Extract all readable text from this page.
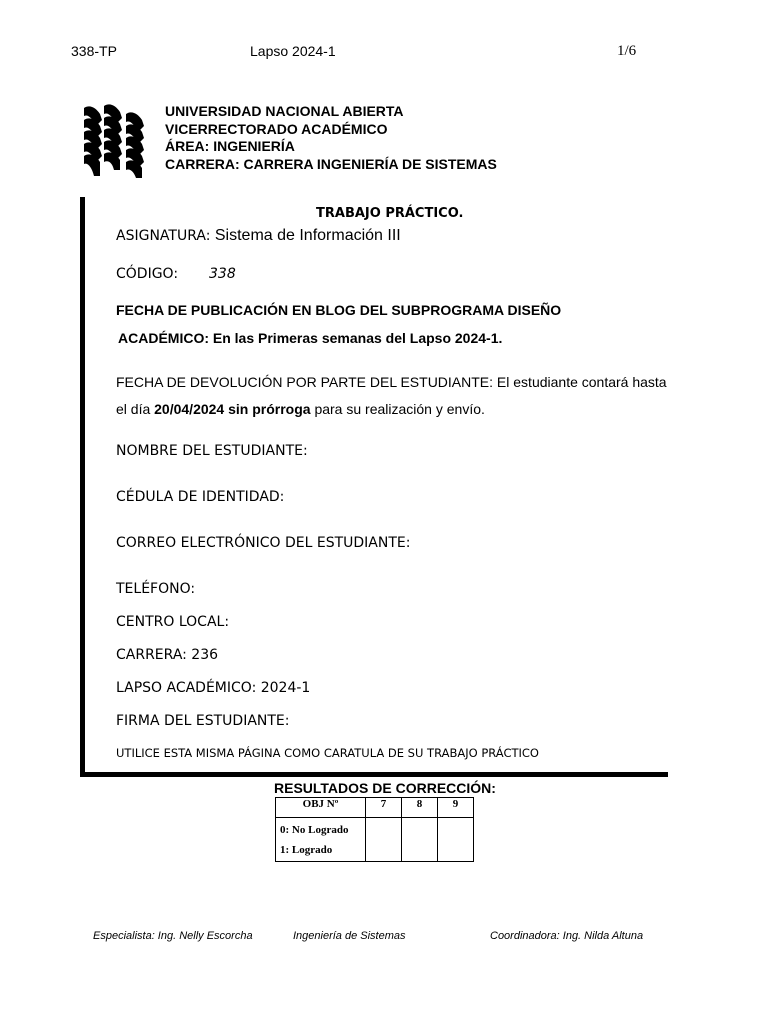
338-TP	Lapso 2024-1	1/6
UNIVERSIDAD NACIONAL ABIERTA
VICERRECTORADO ACADÉMICO
ÁREA: INGENIERÍA
CARRERA: CARRERA INGENIERÍA DE SISTEMAS
TRABAJO PRÁCTICO.
ASIGNATURA: Sistema de Información III
CÓDIGO: 338
FECHA DE PUBLICACIÓN EN BLOG DEL SUBPROGRAMA DISEÑO
ACADÉMICO: En las Primeras semanas del Lapso 2024-1.
FECHA DE DEVOLUCIÓN POR PARTE DEL ESTUDIANTE: El estudiante contará hasta
el día 20/04/2024 sin prórroga para su realización y envío.
NOMBRE DEL ESTUDIANTE:
CÉDULA DE IDENTIDAD:
CORREO ELECTRÓNICO DEL ESTUDIANTE:
TELÉFONO:
CENTRO LOCAL:
CARRERA: 236
LAPSO ACADÉMICO: 2024-1
FIRMA DEL ESTUDIANTE:
UTILICE ESTA MISMA PÁGINA COMO CARATULA DE SU TRABAJO PRÁCTICO
RESULTADOS DE CORRECCIÓN:
OBJ Nº	7	8	9

0: No Logrado
1: Logrado			

Especialista: Ing. Nelly Escorcha	Ingeniería de Sistemas	Coordinadora: Ing. Nilda Altuna
